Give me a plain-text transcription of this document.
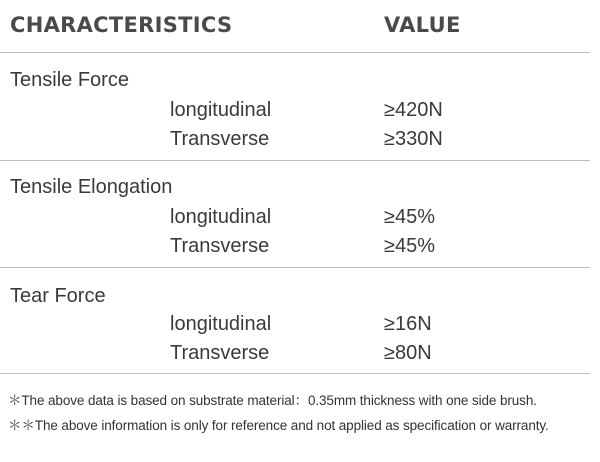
CHARACTERISTICS	VALUE
Tensile Force
longitudinal	≥420N
Transverse	≥330N
Tensile Elongation
longitudinal	≥45%
Transverse	≥45%
Tear Force
longitudinal	≥16N
Transverse	≥80N
＊The above data is based on substrate material：0.35mm thickness with one side brush.
＊＊The above information is only for reference and not applied as specification or warranty.
